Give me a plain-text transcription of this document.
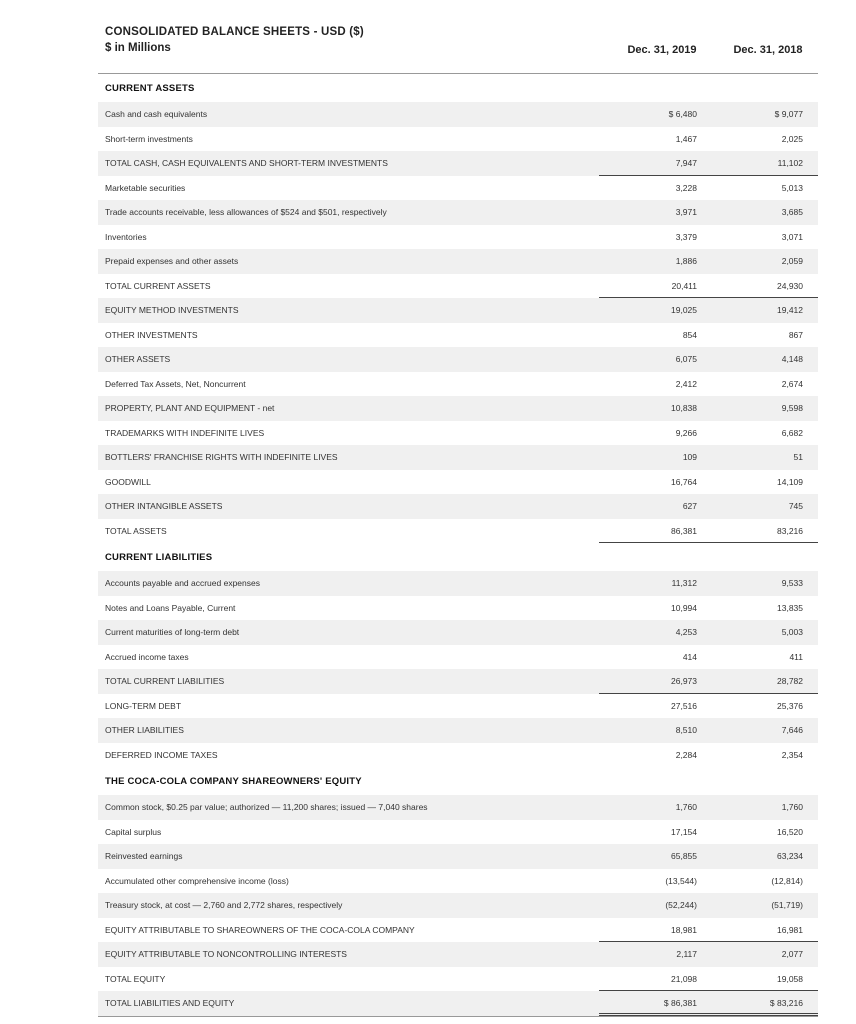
CONSOLIDATED BALANCE SHEETS - USD ($)
$ in Millions	Dec. 31, 2019	Dec. 31, 2018
CURRENT ASSETS
Cash and cash equivalents	$ 6,480	$ 9,077
Short-term investments	1,467	2,025
TOTAL CASH, CASH EQUIVALENTS AND SHORT-TERM INVESTMENTS	7,947	11,102
Marketable securities	3,228	5,013
Trade accounts receivable, less allowances of $524 and $501, respectively	3,971	3,685
Inventories	3,379	3,071
Prepaid expenses and other assets	1,886	2,059
TOTAL CURRENT ASSETS	20,411	24,930
EQUITY METHOD INVESTMENTS	19,025	19,412
OTHER INVESTMENTS	854	867
OTHER ASSETS	6,075	4,148
Deferred Tax Assets, Net, Noncurrent	2,412	2,674
PROPERTY, PLANT AND EQUIPMENT - net	10,838	9,598
TRADEMARKS WITH INDEFINITE LIVES	9,266	6,682
BOTTLERS' FRANCHISE RIGHTS WITH INDEFINITE LIVES	109	51
GOODWILL	16,764	14,109
OTHER INTANGIBLE ASSETS	627	745
TOTAL ASSETS	86,381	83,216
CURRENT LIABILITIES
Accounts payable and accrued expenses	11,312	9,533
Notes and Loans Payable, Current	10,994	13,835
Current maturities of long-term debt	4,253	5,003
Accrued income taxes	414	411
TOTAL CURRENT LIABILITIES	26,973	28,782
LONG-TERM DEBT	27,516	25,376
OTHER LIABILITIES	8,510	7,646
DEFERRED INCOME TAXES	2,284	2,354
THE COCA-COLA COMPANY SHAREOWNERS' EQUITY
Common stock, $0.25 par value; authorized — 11,200 shares; issued — 7,040 shares	1,760	1,760
Capital surplus	17,154	16,520
Reinvested earnings	65,855	63,234
Accumulated other comprehensive income (loss)	(13,544)	(12,814)
Treasury stock, at cost — 2,760 and 2,772 shares, respectively	(52,244)	(51,719)
EQUITY ATTRIBUTABLE TO SHAREOWNERS OF THE COCA-COLA COMPANY	18,981	16,981
EQUITY ATTRIBUTABLE TO NONCONTROLLING INTERESTS	2,117	2,077
TOTAL EQUITY	21,098	19,058
TOTAL LIABILITIES AND EQUITY	$ 86,381	$ 83,216
